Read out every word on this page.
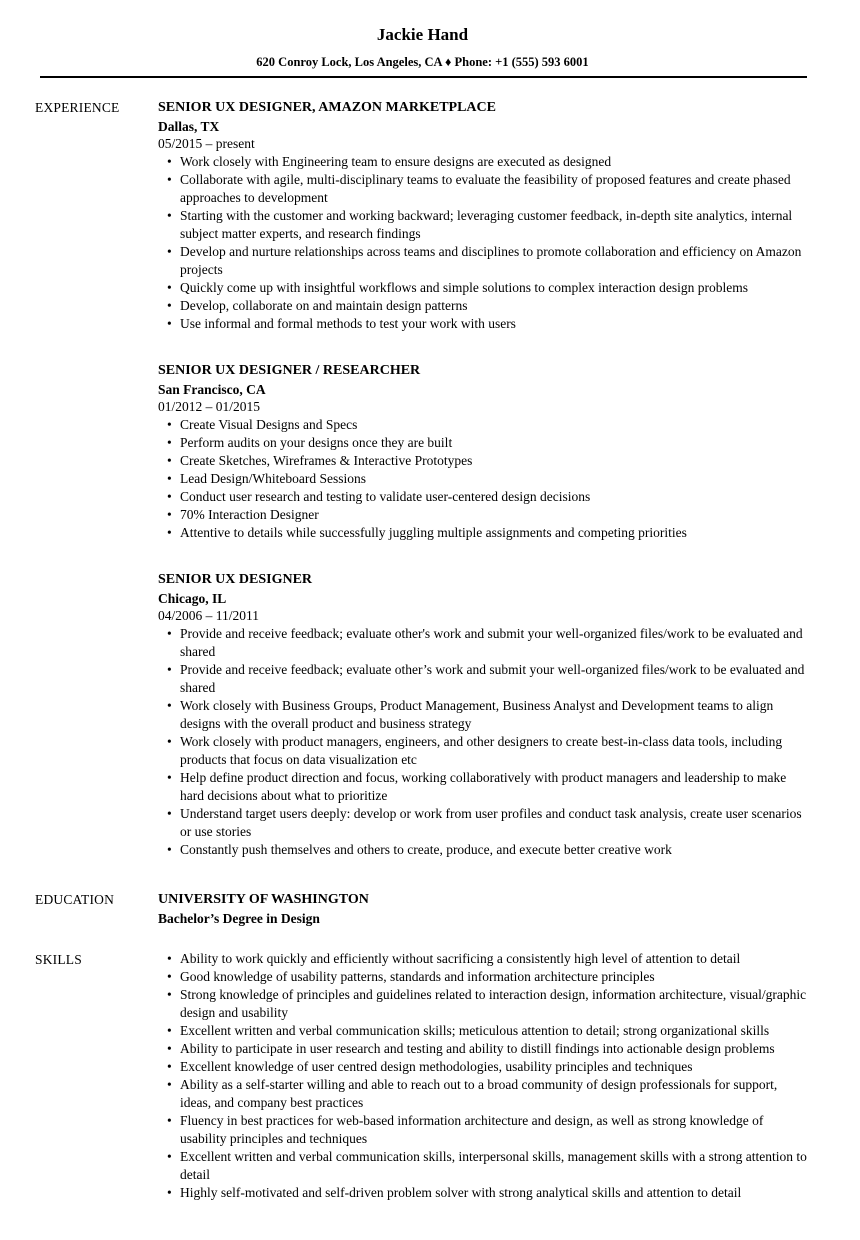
Jackie Hand
620 Conroy Lock, Los Angeles, CA ♦ Phone: +1 (555) 593 6001
EXPERIENCE	SENIOR UX DESIGNER, AMAZON MARKETPLACE
Dallas, TX
05/2015 – present
• Work closely with Engineering team to ensure designs are executed as designed
• Collaborate with agile, multi-disciplinary teams to evaluate the feasibility of proposed features and create phased approaches to development
• Starting with the customer and working backward; leveraging customer feedback, in-depth site analytics, internal subject matter experts, and research findings
• Develop and nurture relationships across teams and disciplines to promote collaboration and efficiency on Amazon projects
• Quickly come up with insightful workflows and simple solutions to complex interaction design problems
• Develop, collaborate on and maintain design patterns
• Use informal and formal methods to test your work with users
SENIOR UX DESIGNER / RESEARCHER
San Francisco, CA
01/2012 – 01/2015
• Create Visual Designs and Specs
• Perform audits on your designs once they are built
• Create Sketches, Wireframes & Interactive Prototypes
• Lead Design/Whiteboard Sessions
• Conduct user research and testing to validate user-centered design decisions
• 70% Interaction Designer
• Attentive to details while successfully juggling multiple assignments and competing priorities
SENIOR UX DESIGNER
Chicago, IL
04/2006 – 11/2011
• Provide and receive feedback; evaluate other's work and submit your well-organized files/work to be evaluated and shared
• Provide and receive feedback; evaluate other’s work and submit your well-organized files/work to be evaluated and shared
• Work closely with Business Groups, Product Management, Business Analyst and Development teams to align designs with the overall product and business strategy
• Work closely with product managers, engineers, and other designers to create best-in-class data tools, including products that focus on data visualization etc
• Help define product direction and focus, working collaboratively with product managers and leadership to make hard decisions about what to prioritize
• Understand target users deeply: develop or work from user profiles and conduct task analysis, create user scenarios or use stories
• Constantly push themselves and others to create, produce, and execute better creative work
EDUCATION	UNIVERSITY OF WASHINGTON
Bachelor’s Degree in Design
SKILLS	• Ability to work quickly and efficiently without sacrificing a consistently high level of attention to detail
• Good knowledge of usability patterns, standards and information architecture principles
• Strong knowledge of principles and guidelines related to interaction design, information architecture, visual/graphic design and usability
• Excellent written and verbal communication skills; meticulous attention to detail; strong organizational skills
• Ability to participate in user research and testing and ability to distill findings into actionable design problems
• Excellent knowledge of user centred design methodologies, usability principles and techniques
• Ability as a self-starter willing and able to reach out to a broad community of design professionals for support, ideas, and company best practices
• Fluency in best practices for web-based information architecture and design, as well as strong knowledge of usability principles and techniques
• Excellent written and verbal communication skills, interpersonal skills, management skills with a strong attention to detail
• Highly self-motivated and self-driven problem solver with strong analytical skills and attention to detail
